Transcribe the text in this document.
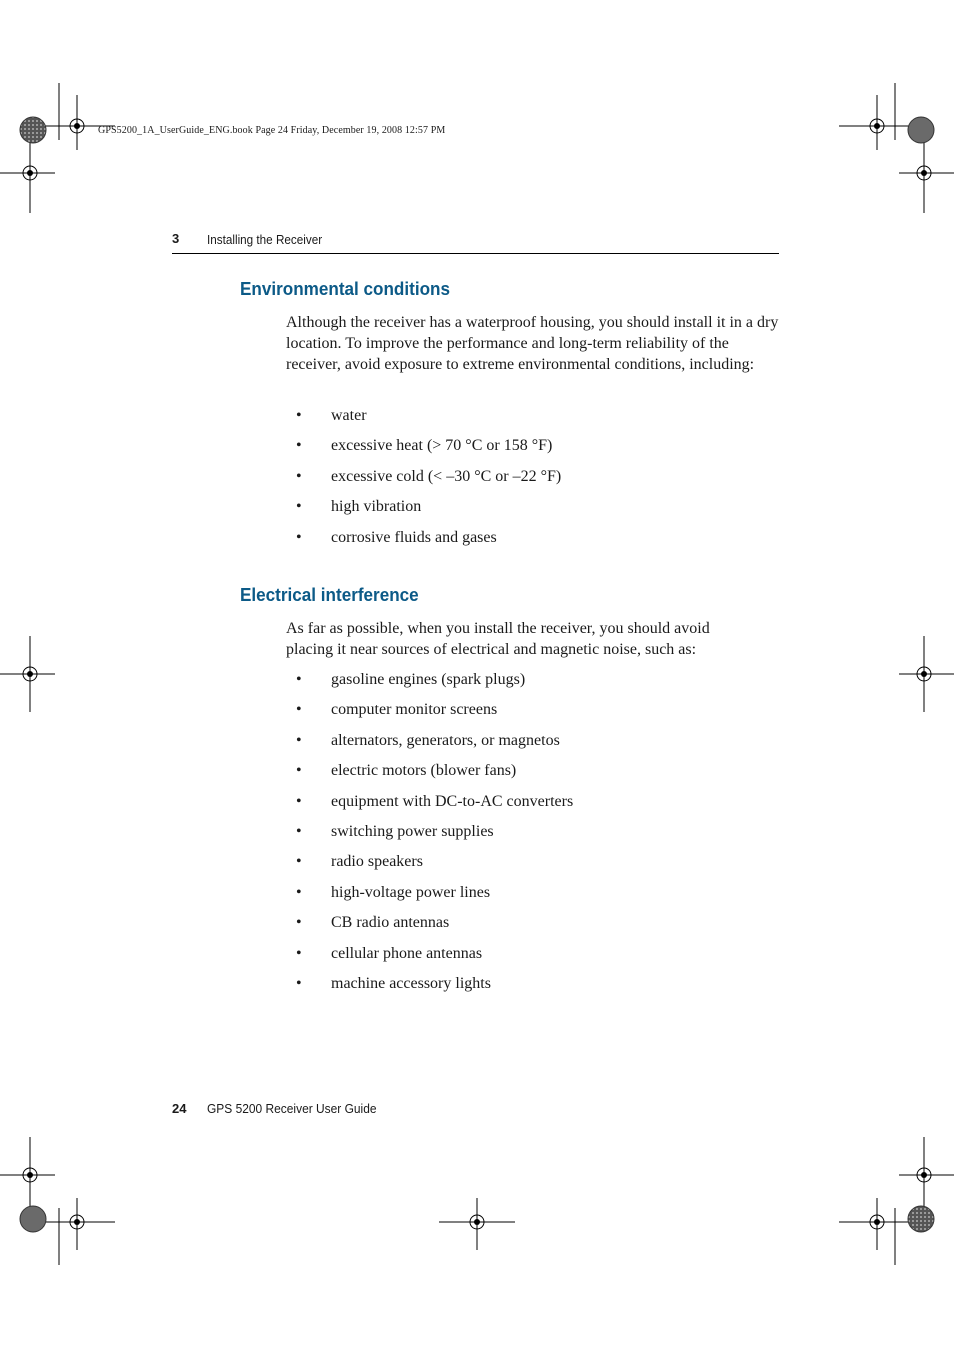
GPS5200_1A_UserGuide_ENG.book Page 24 Friday, December 19, 2008 12:57 PM
3 Installing the Receiver
Environmental conditions
Although the receiver has a waterproof housing, you should install it in a dry location. To improve the performance and long-term reliability of the receiver, avoid exposure to extreme environmental conditions, including:
• water
• excessive heat (> 70 °C or 158 °F)
• excessive cold (< –30 °C or –22 °F)
• high vibration
• corrosive fluids and gases
Electrical interference
As far as possible, when you install the receiver, you should avoid placing it near sources of electrical and magnetic noise, such as:
• gasoline engines (spark plugs)
• computer monitor screens
• alternators, generators, or magnetos
• electric motors (blower fans)
• equipment with DC-to-AC converters
• switching power supplies
• radio speakers
• high-voltage power lines
• CB radio antennas
• cellular phone antennas
• machine accessory lights
24 GPS 5200 Receiver User Guide
